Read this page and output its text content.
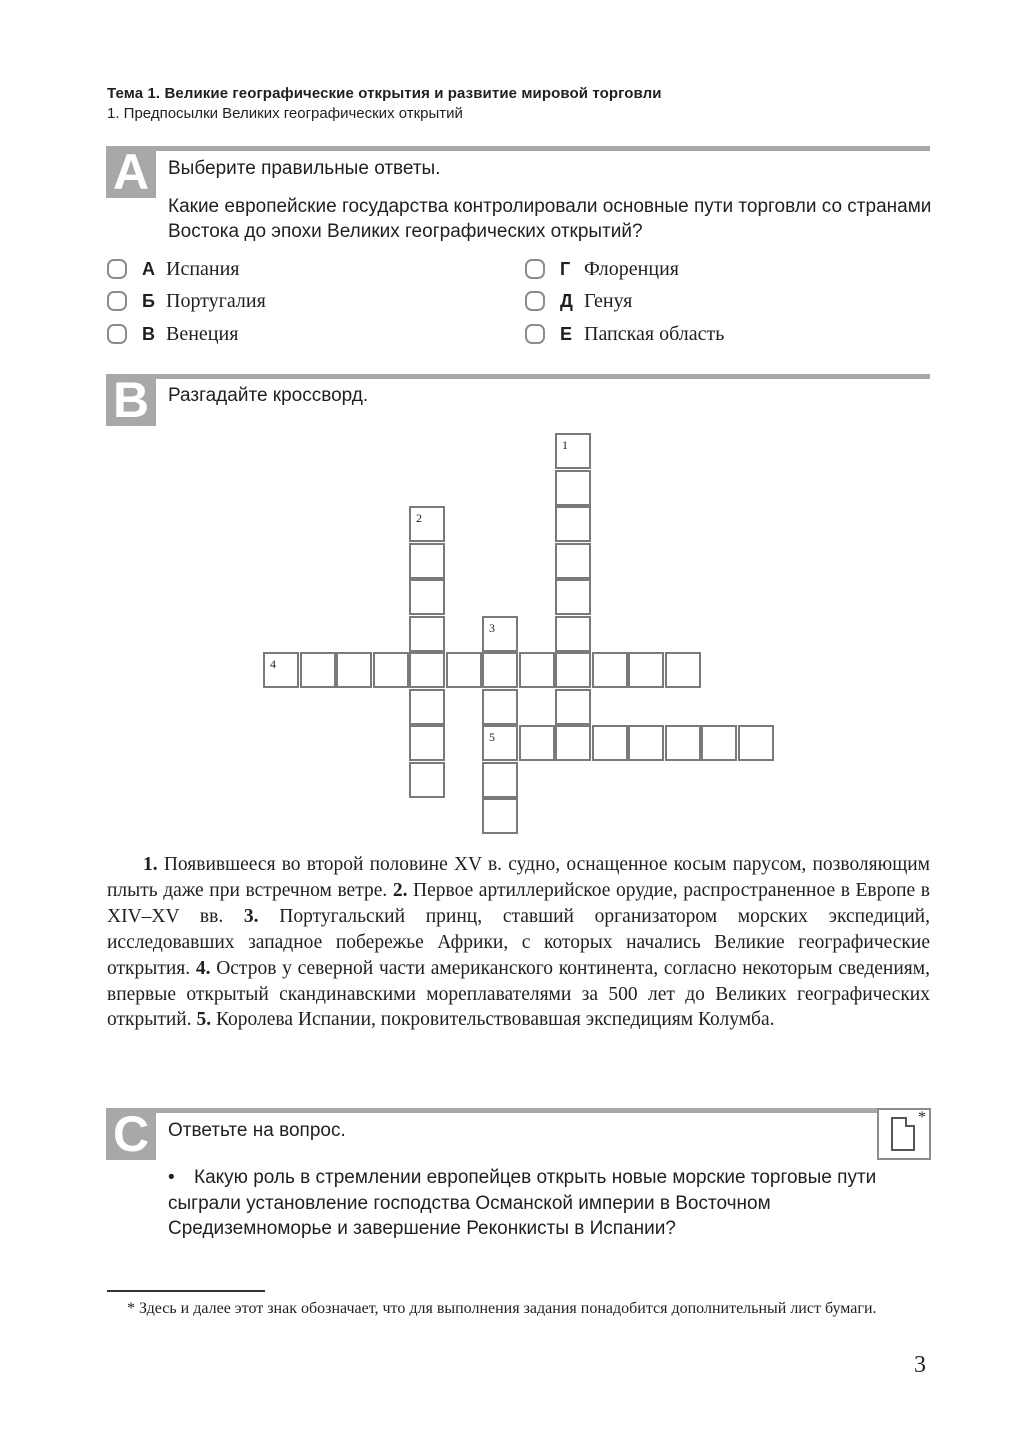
Тема 1. Великие географические открытия и развитие мировой торговли
1. Предпосылки Великих географических открытий
A Выберите правильные ответы.
Какие европейские государства контролировали основные пути торговли со странами Востока до эпохи Великих географических открытий?
А Испания
Б Португалия
В Венеция
Г Флоренция
Д Генуя
Е Папская область
B Разгадайте кроссворд.
1
2
3
5
4

1. Появившееся во второй половине XV в. судно, оснащенное косым парусом, позволяющим плыть даже при встречном ветре. 2. Первое артиллерийское орудие, распространенное в Европе в XIV–XV вв. 3. Португальский принц, ставший организатором морских экспедиций, исследовавших западное побережье Африки, с которых начались Великие географические открытия. 4. Остров у северной части американского континента, согласно некоторым сведениям, впервые открытый скандинавскими мореплавателями за 500 лет до Великих географических открытий. 5. Королева Испании, покровительствовавшая экспедициям Колумба.

C Ответьте на вопрос.
*
• Какую роль в стремлении европейцев открыть новые морские торговые пути сыграли установление господства Османской империи в Восточном Средиземноморье и завершение Реконкисты в Испании?
* Здесь и далее этот знак обозначает, что для выполнения задания понадобится дополнительный лист бумаги.
3
